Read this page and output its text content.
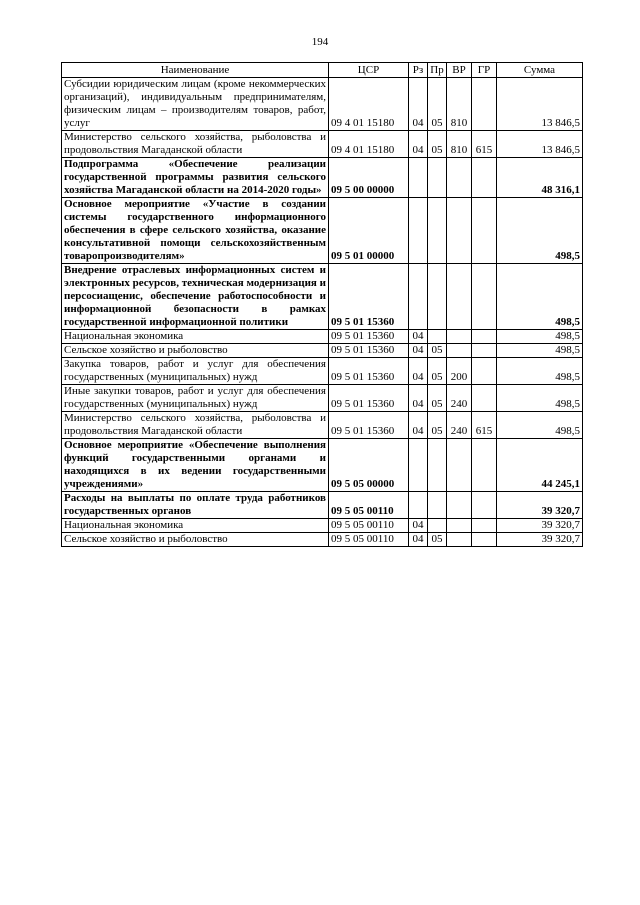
194
Наименование	ЦСР	Рз	Пр	ВР	ГР	Сумма
Субсидии юридическим лицам (кроме некоммерческих организаций), индивидуальным предпринимателям, физическим лицам – производителям товаров, работ, услуг	09 4 01 15180	04	05	810		13 846,5
Министерство сельского хозяйства, рыболовства и продовольствия Магаданской области	09 4 01 15180	04	05	810	615	13 846,5
Подпрограмма «Обеспечение реализации государственной программы развития сельского хозяйства Магаданской области на 2014-2020 годы»	09 5 00 00000					48 316,1
Основное мероприятие «Участие в создании системы государственного информационного обеспечения в сфере сельского хозяйства, оказание консультативной помощи сельскохозяйственным товаропроизводителям»	09 5 01 00000					498,5
Внедрение отраслевых информационных систем и электронных ресурсов, техническая модернизация и персосиащенис, обеспечение работоспособности и информационной безопасности в рамках государственной информационной политики	09 5 01 15360					498,5
Национальная экономика	09 5 01 15360	04				498,5
Сельское хозяйство и рыболовство	09 5 01 15360	04	05			498,5
Закупка товаров, работ и услуг для обеспечения государственных (муниципальных) нужд	09 5 01 15360	04	05	200		498,5
Иные закупки товаров, работ и услуг для обеспечения государственных (муниципальных) нужд	09 5 01 15360	04	05	240		498,5
Министерство сельского хозяйства, рыболовства и продовольствия Магаданской области	09 5 01 15360	04	05	240	615	498,5
Основное мероприятие «Обеспечение выполнения функций государственными органами и находящихся в их ведении государственными учреждениями»	09 5 05 00000					44 245,1
Расходы на выплаты по оплате труда работников государственных органов	09 5 05 00110					39 320,7
Национальная экономика	09 5 05 00110	04				39 320,7
Сельское хозяйство и рыболовство	09 5 05 00110	04	05			39 320,7
